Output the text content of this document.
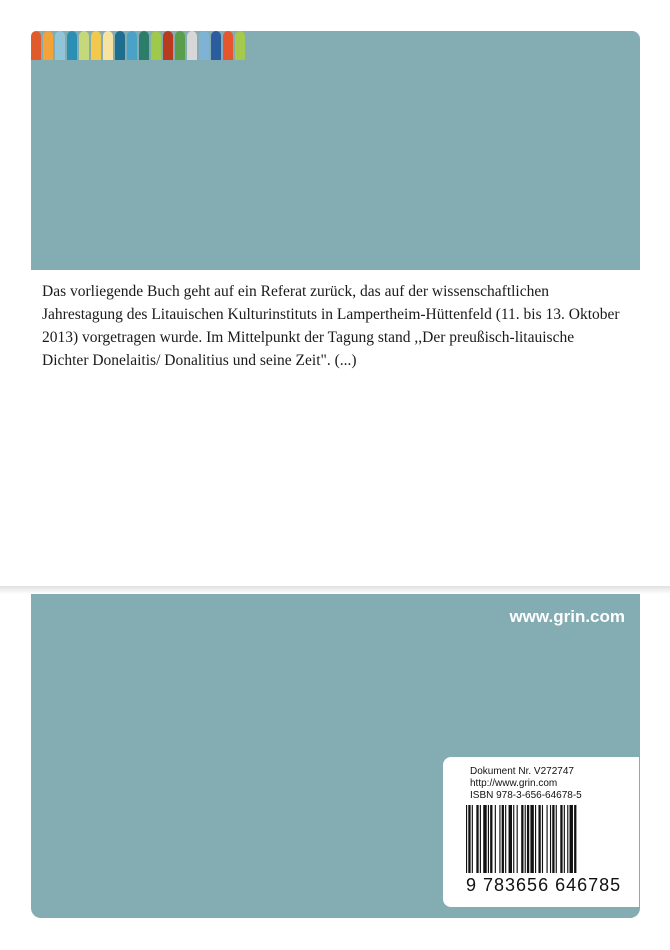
Das vorliegende Buch geht auf ein Referat zurück, das auf der wissenschaftlichen Jahrestagung des Litauischen Kulturinstituts in Lampertheim-Hüttenfeld (11. bis 13. Oktober 2013) vorgetragen wurde. Im Mittelpunkt der Tagung stand ,,Der preußisch-litauische Dichter Donelaitis/ Donalitius und seine Zeit". (...)
www.grin.com
Dokument Nr. V272747
http://www.grin.com
ISBN 978-3-656-64678-5
9 783656 646785
